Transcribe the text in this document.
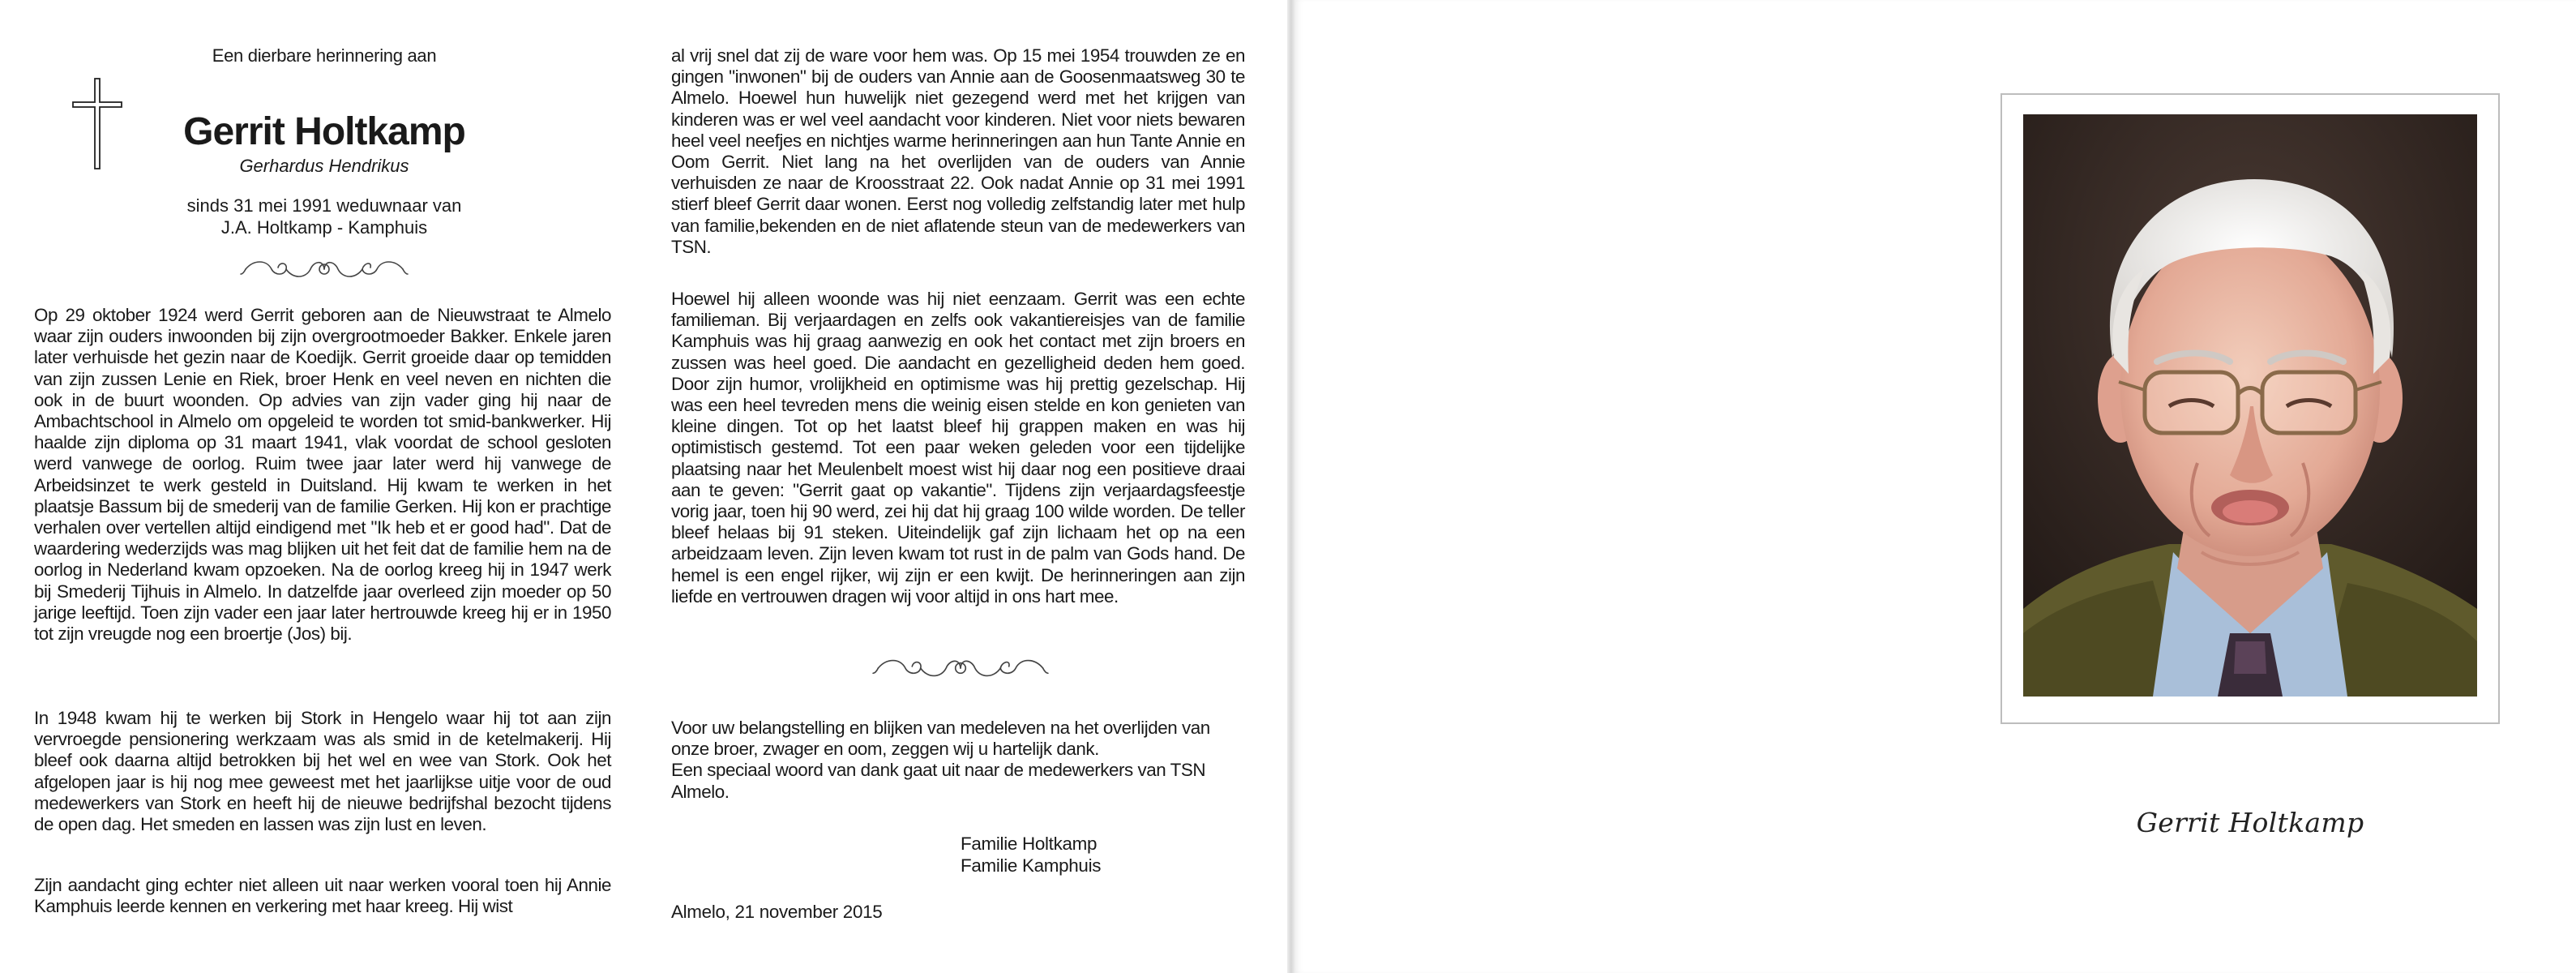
Een dierbare herinnering aan
Gerrit Holtkamp
Gerhardus Hendrikus
sinds 31 mei 1991 weduwnaar van
J.A. Holtkamp - Kamphuis

Op 29 oktober 1924 werd Gerrit geboren aan de Nieuwstraat te Almelo waar zijn ouders inwoonden bij zijn overgrootmoeder Bakker. Enkele jaren later verhuisde het gezin naar de Koedijk. Gerrit groeide daar op temidden van zijn zussen Lenie en Riek, broer Henk en veel neven en nichten die ook in de buurt woonden. Op advies van zijn vader ging hij naar de Ambachtschool in Almelo om opgeleid te worden tot smid-bankwerker. Hij haalde zijn diploma op 31 maart 1941, vlak voordat de school gesloten werd vanwege de oorlog. Ruim twee jaar later werd hij vanwege de Arbeidsinzet te werk gesteld in Duitsland. Hij kwam te werken in het plaatsje Bassum bij de smederij van de familie Gerken. Hij kon er prachtige verhalen over vertellen altijd eindigend met "Ik heb et er good had". Dat de waardering wederzijds was mag blijken uit het feit dat de familie hem na de oorlog in Nederland kwam opzoeken. Na de oorlog kreeg hij in 1947 werk bij Smederij Tijhuis in Almelo. In datzelfde jaar overleed zijn moeder op 50 jarige leeftijd. Toen zijn vader een jaar later hertrouwde kreeg hij er in 1950 tot zijn vreugde nog een broertje (Jos) bij.

In 1948 kwam hij te werken bij Stork in Hengelo waar hij tot aan zijn vervroegde pensionering werkzaam was als smid in de ketelmakerij. Hij bleef ook daarna altijd betrokken bij het wel en wee van Stork. Ook het afgelopen jaar is hij nog mee geweest met het jaarlijkse uitje voor de oud medewerkers van Stork en heeft hij de nieuwe bedrijfshal bezocht tijdens de open dag. Het smeden en lassen was zijn lust en leven.

Zijn aandacht ging echter niet alleen uit naar werken vooral toen hij Annie Kamphuis leerde kennen en verkering met haar kreeg. Hij wist

al vrij snel dat zij de ware voor hem was. Op 15 mei 1954 trouwden ze en gingen "inwonen" bij de ouders van Annie aan de Goosenmaatsweg 30 te Almelo. Hoewel hun huwelijk niet gezegend werd met het krijgen van kinderen was er wel veel aandacht voor kinderen. Niet voor niets bewaren heel veel neefjes en nichtjes warme herinneringen aan hun Tante Annie en Oom Gerrit. Niet lang na het overlijden van de ouders van Annie verhuisden ze naar de Kroosstraat 22. Ook nadat Annie op 31 mei 1991 stierf bleef Gerrit daar wonen. Eerst nog volledig zelfstandig later met hulp van familie,bekenden en de niet aflatende steun van de medewerkers van TSN.

Hoewel hij alleen woonde was hij niet eenzaam. Gerrit was een echte familieman. Bij verjaardagen en zelfs ook vakantiereisjes van de familie Kamphuis was hij graag aanwezig en ook het contact met zijn broers en zussen was heel goed. Die aandacht en gezelligheid deden hem goed. Door zijn humor, vrolijkheid en optimisme was hij prettig gezelschap. Hij was een heel tevreden mens die weinig eisen stelde en kon genieten van kleine dingen. Tot op het laatst bleef hij grappen maken en was hij optimistisch gestemd. Tot een paar weken geleden voor een tijdelijke plaatsing naar het Meulenbelt moest wist hij daar nog een positieve draai aan te geven: "Gerrit gaat op vakantie". Tijdens zijn verjaardagsfeestje vorig jaar, toen hij 90 werd, zei hij dat hij graag 100 wilde worden. De teller bleef helaas bij 91 steken. Uiteindelijk gaf zijn lichaam het op na een arbeidzaam leven. Zijn leven kwam tot rust in de palm van Gods hand. De hemel is een engel rijker, wij zijn er een kwijt. De herinneringen aan zijn liefde en vertrouwen dragen wij voor altijd in ons hart mee.

Voor uw belangstelling en blijken van medeleven na het overlijden van onze broer, zwager en oom, zeggen wij u hartelijk dank.
Een speciaal woord van dank gaat uit naar de medewerkers van TSN Almelo.
Familie Holtkamp
Familie Kamphuis
Almelo, 21 november 2015
Gerrit Holtkamp
